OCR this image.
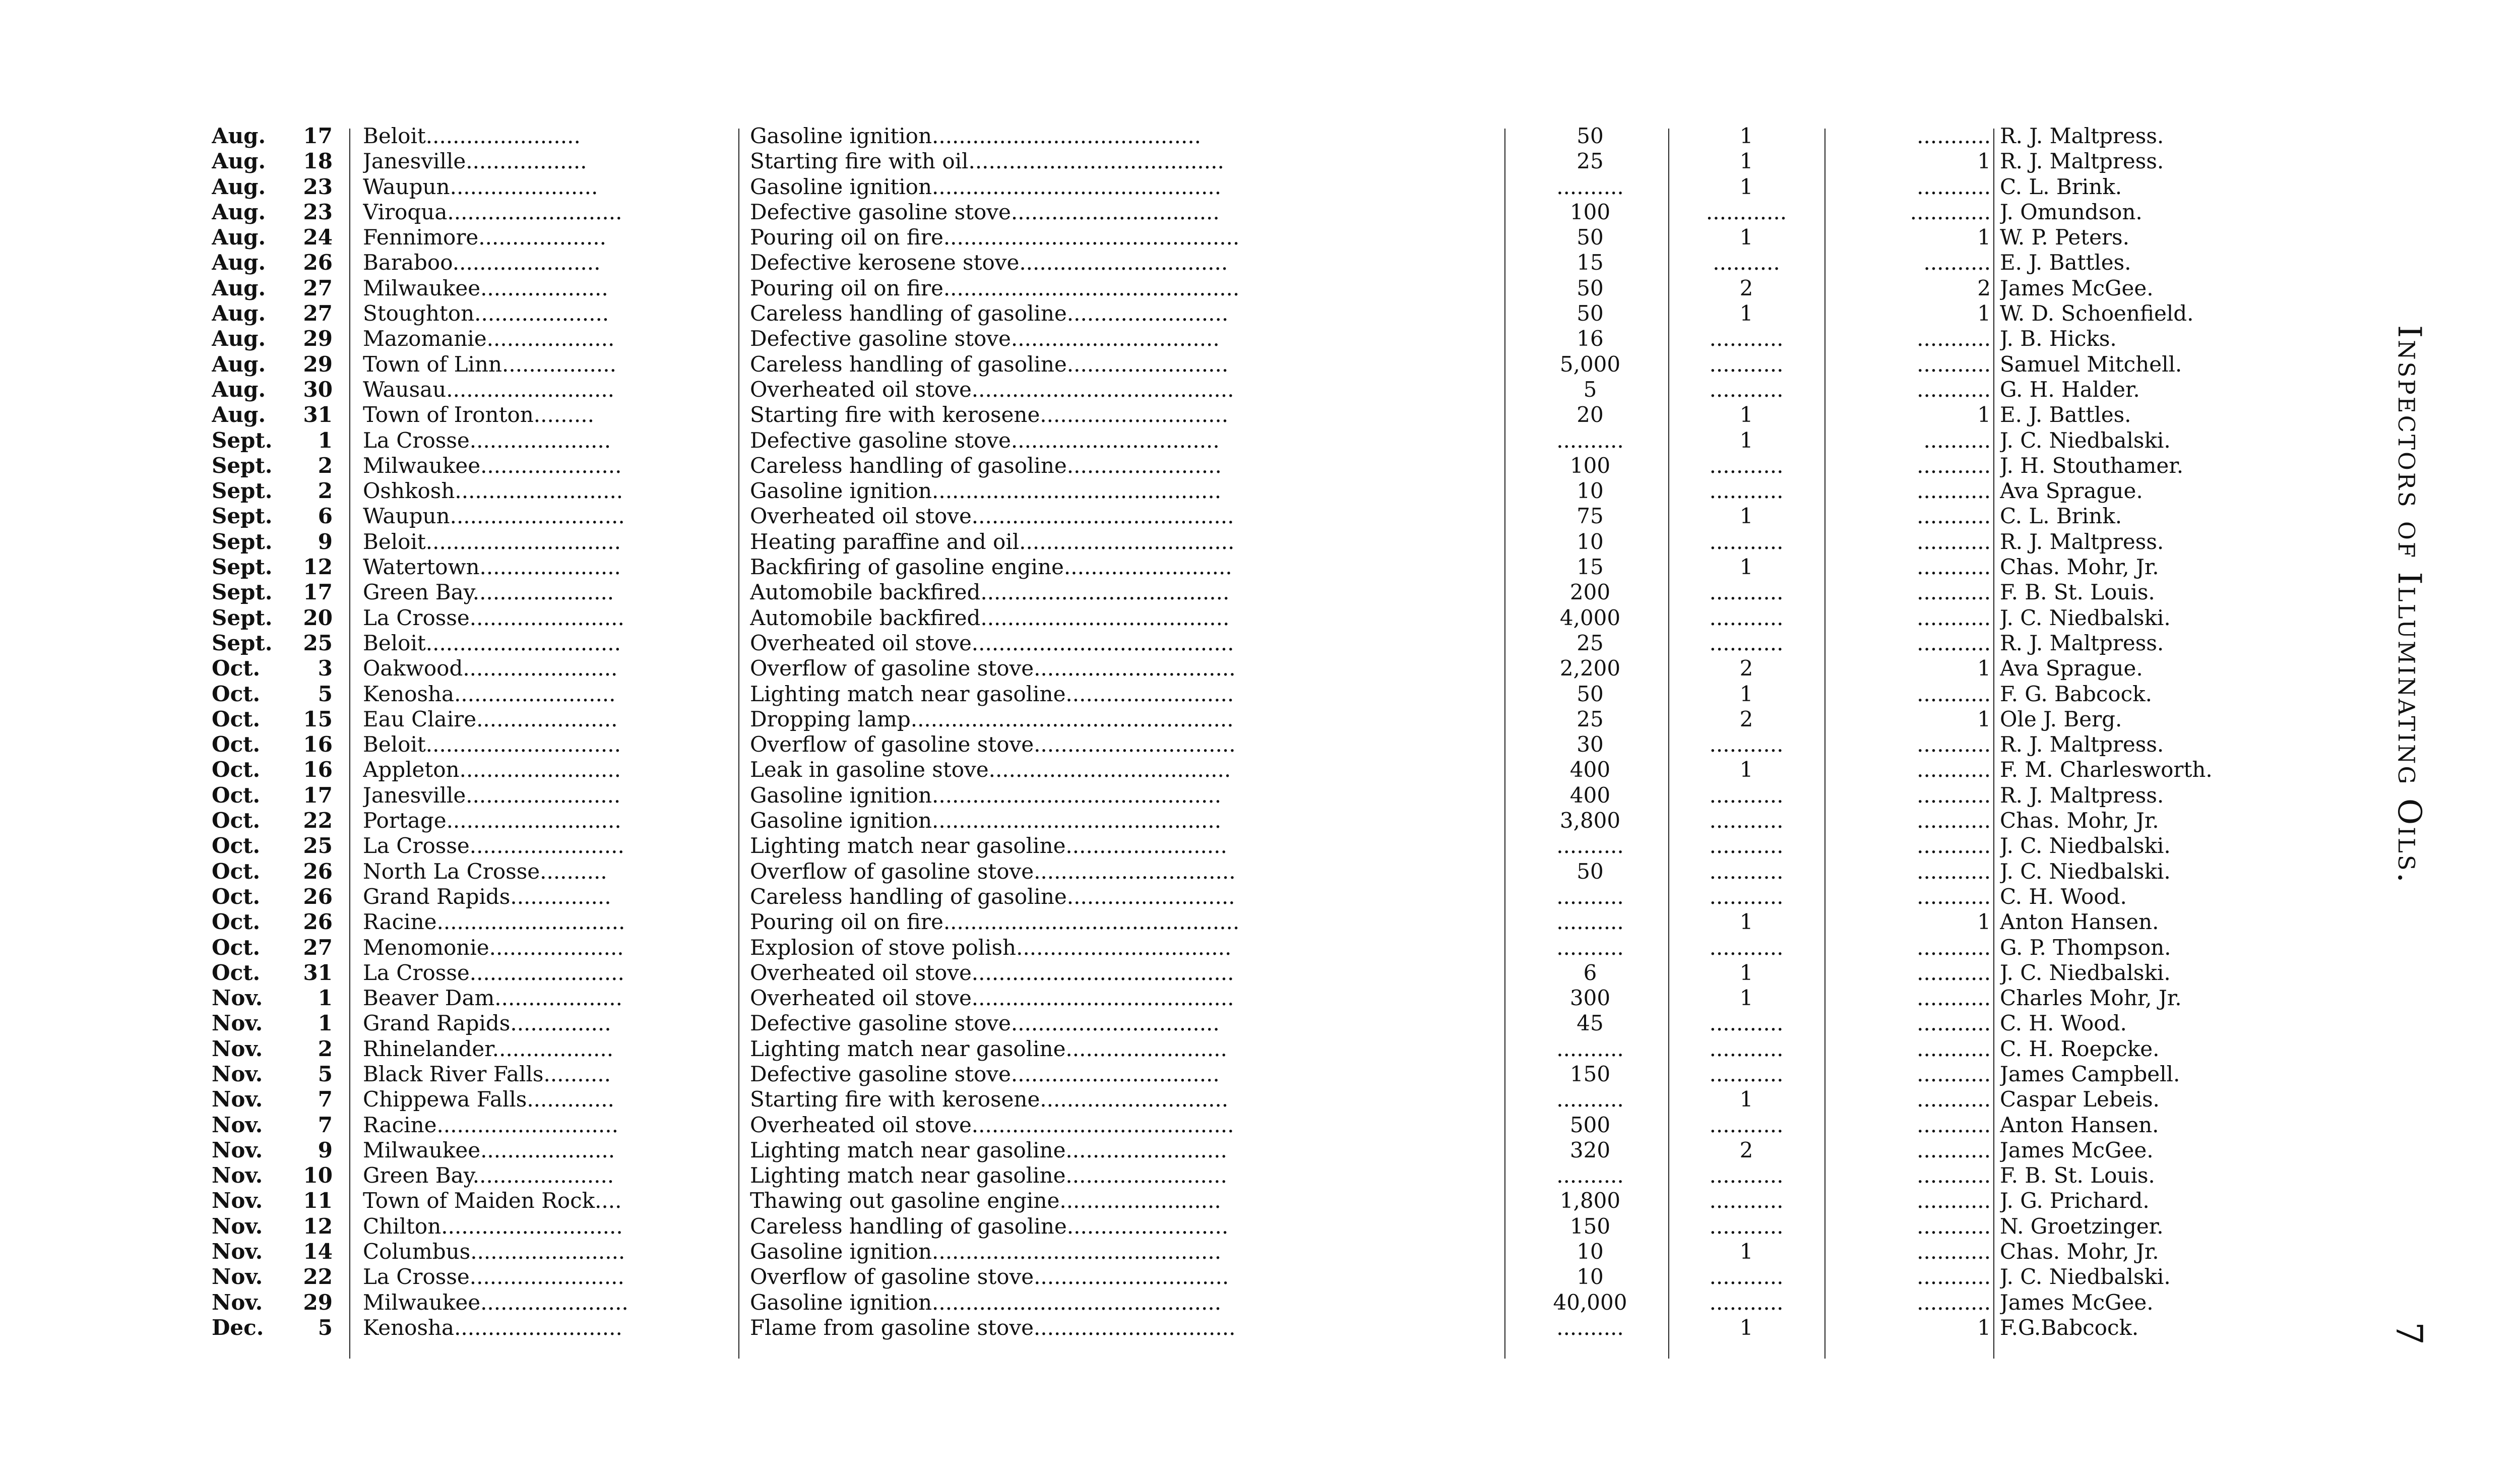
Aug.	17 Beloit.......................	Gasoline ignition........................................	50	1	........... R. J. Maltpress.
Aug.	18 Janesville..................	Starting fire with oil......................................	25	1	1 R. J. Maltpress.
Aug.	23 Waupun......................	Gasoline ignition...........................................	..........	1	........... C. L. Brink.
Aug.	23 Viroqua..........................	Defective gasoline stove...............................	100	............	............ J. Omundson.
Aug.	24 Fennimore...................	Pouring oil on fire............................................	50	1	1 W. P. Peters.
Aug.	26 Baraboo......................	Defective kerosene stove...............................	15	..........	.......... E. J. Battles.
Aug.	27 Milwaukee...................	Pouring oil on fire............................................	50	2	2 James McGee.
Aug.	27 Stoughton....................	Careless handling of gasoline........................	50	1	1 W. D. Schoenfield.
Aug.	29 Mazomanie...................	Defective gasoline stove...............................	16	...........	........... J. B. Hicks.
Aug.	29 Town of Linn.................	Careless handling of gasoline........................	5,000	...........	........... Samuel Mitchell.
Aug.	30 Wausau.........................	Overheated oil stove.......................................	5	...........	........... G. H. Halder.
Aug.	31 Town of Ironton.........	Starting fire with kerosene............................	20	1	1 E. J. Battles.
Sept.	1 La Crosse.....................	Defective gasoline stove...............................	..........	1	.......... J. C. Niedbalski.
Sept.	2 Milwaukee.....................	Careless handling of gasoline.......................	100	...........	........... J. H. Stouthamer.
Sept.	2 Oshkosh.........................	Gasoline ignition...........................................	10	...........	........... Ava Sprague.
Sept.	6 Waupun..........................	Overheated oil stove.......................................	75	1	........... C. L. Brink.
Sept.	9 Beloit.............................	Heating paraffine and oil................................	10	...........	........... R. J. Maltpress.
Sept.	12 Watertown.....................	Backfiring of gasoline engine.........................	15	1	........... Chas. Mohr, Jr.
Sept.	17 Green Bay.....................	Automobile backfired.....................................	200	...........	........... F. B. St. Louis.
Sept.	20 La Crosse.......................	Automobile backfired.....................................	4,000	...........	........... J. C. Niedbalski.
Sept.	25 Beloit.............................	Overheated oil stove.......................................	25	...........	........... R. J. Maltpress.
Oct.	3 Oakwood.......................	Overflow of gasoline stove..............................	2,200	2	1 Ava Sprague.
Oct.	5 Kenosha........................	Lighting match near gasoline.........................	50	1	........... F. G. Babcock.
Oct.	15 Eau Claire.....................	Dropping lamp................................................	25	2	1 Ole J. Berg.
Oct.	16 Beloit.............................	Overflow of gasoline stove..............................	30	...........	........... R. J. Maltpress.
Oct.	16 Appleton........................	Leak in gasoline stove....................................	400	1	........... F. M. Charlesworth.
Oct.	17 Janesville.......................	Gasoline ignition...........................................	400	...........	........... R. J. Maltpress.
Oct.	22 Portage..........................	Gasoline ignition...........................................	3,800	...........	........... Chas. Mohr, Jr.
Oct.	25 La Crosse.......................	Lighting match near gasoline........................	..........	...........	........... J. C. Niedbalski.
Oct.	26 North La Crosse..........	Overflow of gasoline stove..............................	50	...........	........... J. C. Niedbalski.
Oct.	26 Grand Rapids...............	Careless handling of gasoline.........................	..........	...........	........... C. H. Wood.
Oct.	26 Racine............................	Pouring oil on fire............................................	..........	1	1 Anton Hansen.
Oct.	27 Menomonie....................	Explosion of stove polish................................	..........	...........	........... G. P. Thompson.
Oct.	31 La Crosse.......................	Overheated oil stove.......................................	6	1	........... J. C. Niedbalski.
Nov.	1 Beaver Dam...................	Overheated oil stove.......................................	300	1	........... Charles Mohr, Jr.
Nov.	1 Grand Rapids...............	Defective gasoline stove...............................	45	...........	........... C. H. Wood.
Nov.	2 Rhinelander..................	Lighting match near gasoline........................	..........	...........	........... C. H. Roepcke.
Nov.	5 Black River Falls..........	Defective gasoline stove...............................	150	...........	........... James Campbell.
Nov.	7 Chippewa Falls.............	Starting fire with kerosene............................	..........	1	........... Caspar Lebeis.
Nov.	7 Racine...........................	Overheated oil stove.......................................	500	...........	........... Anton Hansen.
Nov.	9 Milwaukee....................	Lighting match near gasoline........................	320	2	........... James McGee.
Nov.	10 Green Bay.....................	Lighting match near gasoline........................	..........	...........	........... F. B. St. Louis.
Nov.	11 Town of Maiden Rock....	Thawing out gasoline engine........................	1,800	...........	........... J. G. Prichard.
Nov.	12 Chilton...........................	Careless handling of gasoline........................	150	...........	........... N. Groetzinger.
Nov.	14 Columbus.......................	Gasoline ignition...........................................	10	1	........... Chas. Mohr, Jr.
Nov.	22 La Crosse.......................	Overflow of gasoline stove.............................	10	...........	........... J. C. Niedbalski.
Nov.	29 Milwaukee......................	Gasoline ignition...........................................	40,000	...........	........... James McGee.
Dec.	5 Kenosha.........................	Flame from gasoline stove..............................	..........	1	1 F.G.Babcock.
Inspectors of Illuminating Oils.
7
